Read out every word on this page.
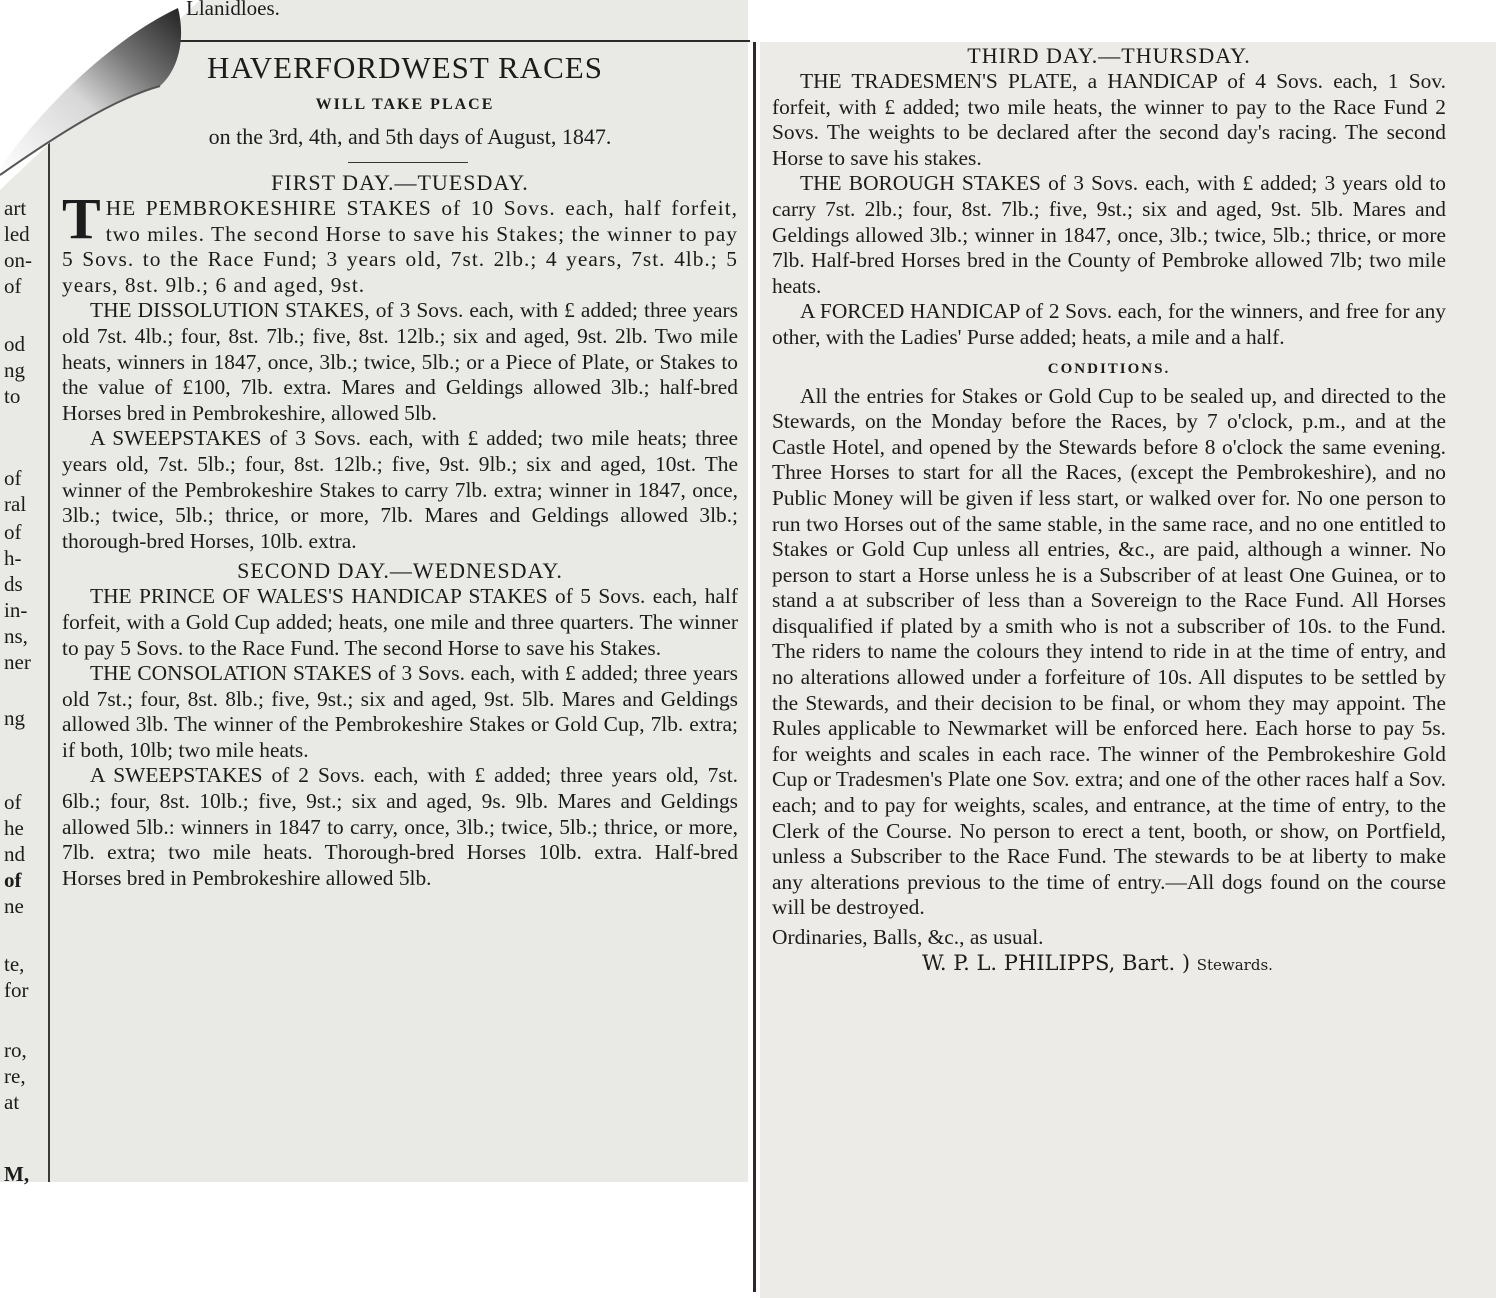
Llanidloes.
art
led
on-
of
od
ng
to
of
ral
of
h-
ds
in-
ns,
ner
ng
of
he
nd
of
ne
te,
for
ro,
re,
at
M,
HAVERFORDWEST RACES
WILL TAKE PLACE
on the 3rd, 4th, and 5th days of August, 1847.
FIRST DAY.—TUESDAY.

THE PEMBROKESHIRE STAKES of 10 Sovs. each, half forfeit, two miles. The second Horse to save his Stakes; the winner to pay 5 Sovs. to the Race Fund; 3 years old, 7st. 2lb.; 4 years, 7st. 4lb.; 5 years, 8st. 9lb.; 6 and aged, 9st.

THE DISSOLUTION STAKES, of 3 Sovs. each, with £ added; three years old 7st. 4lb.; four, 8st. 7lb.; five, 8st. 12lb.; six and aged, 9st. 2lb. Two mile heats, winners in 1847, once, 3lb.; twice, 5lb.; or a Piece of Plate, or Stakes to the value of £100, 7lb. extra. Mares and Geldings allowed 3lb.; half-bred Horses bred in Pembrokeshire, allowed 5lb.

A SWEEPSTAKES of 3 Sovs. each, with £ added; two mile heats; three years old, 7st. 5lb.; four, 8st. 12lb.; five, 9st. 9lb.; six and aged, 10st. The winner of the Pembrokeshire Stakes to carry 7lb. extra; winner in 1847, once, 3lb.; twice, 5lb.; thrice, or more, 7lb. Mares and Geldings allowed 3lb.; thorough-bred Horses, 10lb. extra.

SECOND DAY.—WEDNESDAY.

THE PRINCE OF WALES'S HANDICAP STAKES of 5 Sovs. each, half forfeit, with a Gold Cup added; heats, one mile and three quarters. The winner to pay 5 Sovs. to the Race Fund. The second Horse to save his Stakes.

THE CONSOLATION STAKES of 3 Sovs. each, with £ added; three years old 7st.; four, 8st. 8lb.; five, 9st.; six and aged, 9st. 5lb. Mares and Geldings allowed 3lb. The winner of the Pembrokeshire Stakes or Gold Cup, 7lb. extra; if both, 10lb; two mile heats.

A SWEEPSTAKES of 2 Sovs. each, with £ added; three years old, 7st. 6lb.; four, 8st. 10lb.; five, 9st.; six and aged, 9s. 9lb. Mares and Geldings allowed 5lb.: winners in 1847 to carry, once, 3lb.; twice, 5lb.; thrice, or more, 7lb. extra; two mile heats. Thorough-bred Horses 10lb. extra. Half-bred Horses bred in Pembrokeshire allowed 5lb.

THIRD DAY.—THURSDAY.

THE TRADESMEN'S PLATE, a HANDICAP of 4 Sovs. each, 1 Sov. forfeit, with £ added; two mile heats, the winner to pay to the Race Fund 2 Sovs. The weights to be declared after the second day's racing. The second Horse to save his stakes.

THE BOROUGH STAKES of 3 Sovs. each, with £ added; 3 years old to carry 7st. 2lb.; four, 8st. 7lb.; five, 9st.; six and aged, 9st. 5lb. Mares and Geldings allowed 3lb.; winner in 1847, once, 3lb.; twice, 5lb.; thrice, or more 7lb. Half-bred Horses bred in the County of Pembroke allowed 7lb; two mile heats.

A FORCED HANDICAP of 2 Sovs. each, for the winners, and free for any other, with the Ladies' Purse added; heats, a mile and a half.

CONDITIONS.

All the entries for Stakes or Gold Cup to be sealed up, and directed to the Stewards, on the Monday before the Races, by 7 o'clock, p.m., and at the Castle Hotel, and opened by the Stewards before 8 o'clock the same evening. Three Horses to start for all the Races, (except the Pembrokeshire), and no Public Money will be given if less start, or walked over for. No one person to run two Horses out of the same stable, in the same race, and no one entitled to Stakes or Gold Cup unless all entries, &c., are paid, although a winner. No person to start a Horse unless he is a Subscriber of at least One Guinea, or to stand a at subscriber of less than a Sovereign to the Race Fund. All Horses disqualified if plated by a smith who is not a subscriber of 10s. to the Fund. The riders to name the colours they intend to ride in at the time of entry, and no alterations allowed under a forfeiture of 10s. All disputes to be settled by the Stewards, and their decision to be final, or whom they may appoint. The Rules applicable to Newmarket will be enforced here. Each horse to pay 5s. for weights and scales in each race. The winner of the Pembrokeshire Gold Cup or Tradesmen's Plate one Sov. extra; and one of the other races half a Sov. each; and to pay for weights, scales, and entrance, at the time of entry, to the Clerk of the Course. No person to erect a tent, booth, or show, on Portfield, unless a Subscriber to the Race Fund. The stewards to be at liberty to make any alterations previous to the time of entry.—All dogs found on the course will be destroyed.

Ordinaries, Balls, &c., as usual.

W. P. L. PHILIPPS, Bart. ) Stewards.
